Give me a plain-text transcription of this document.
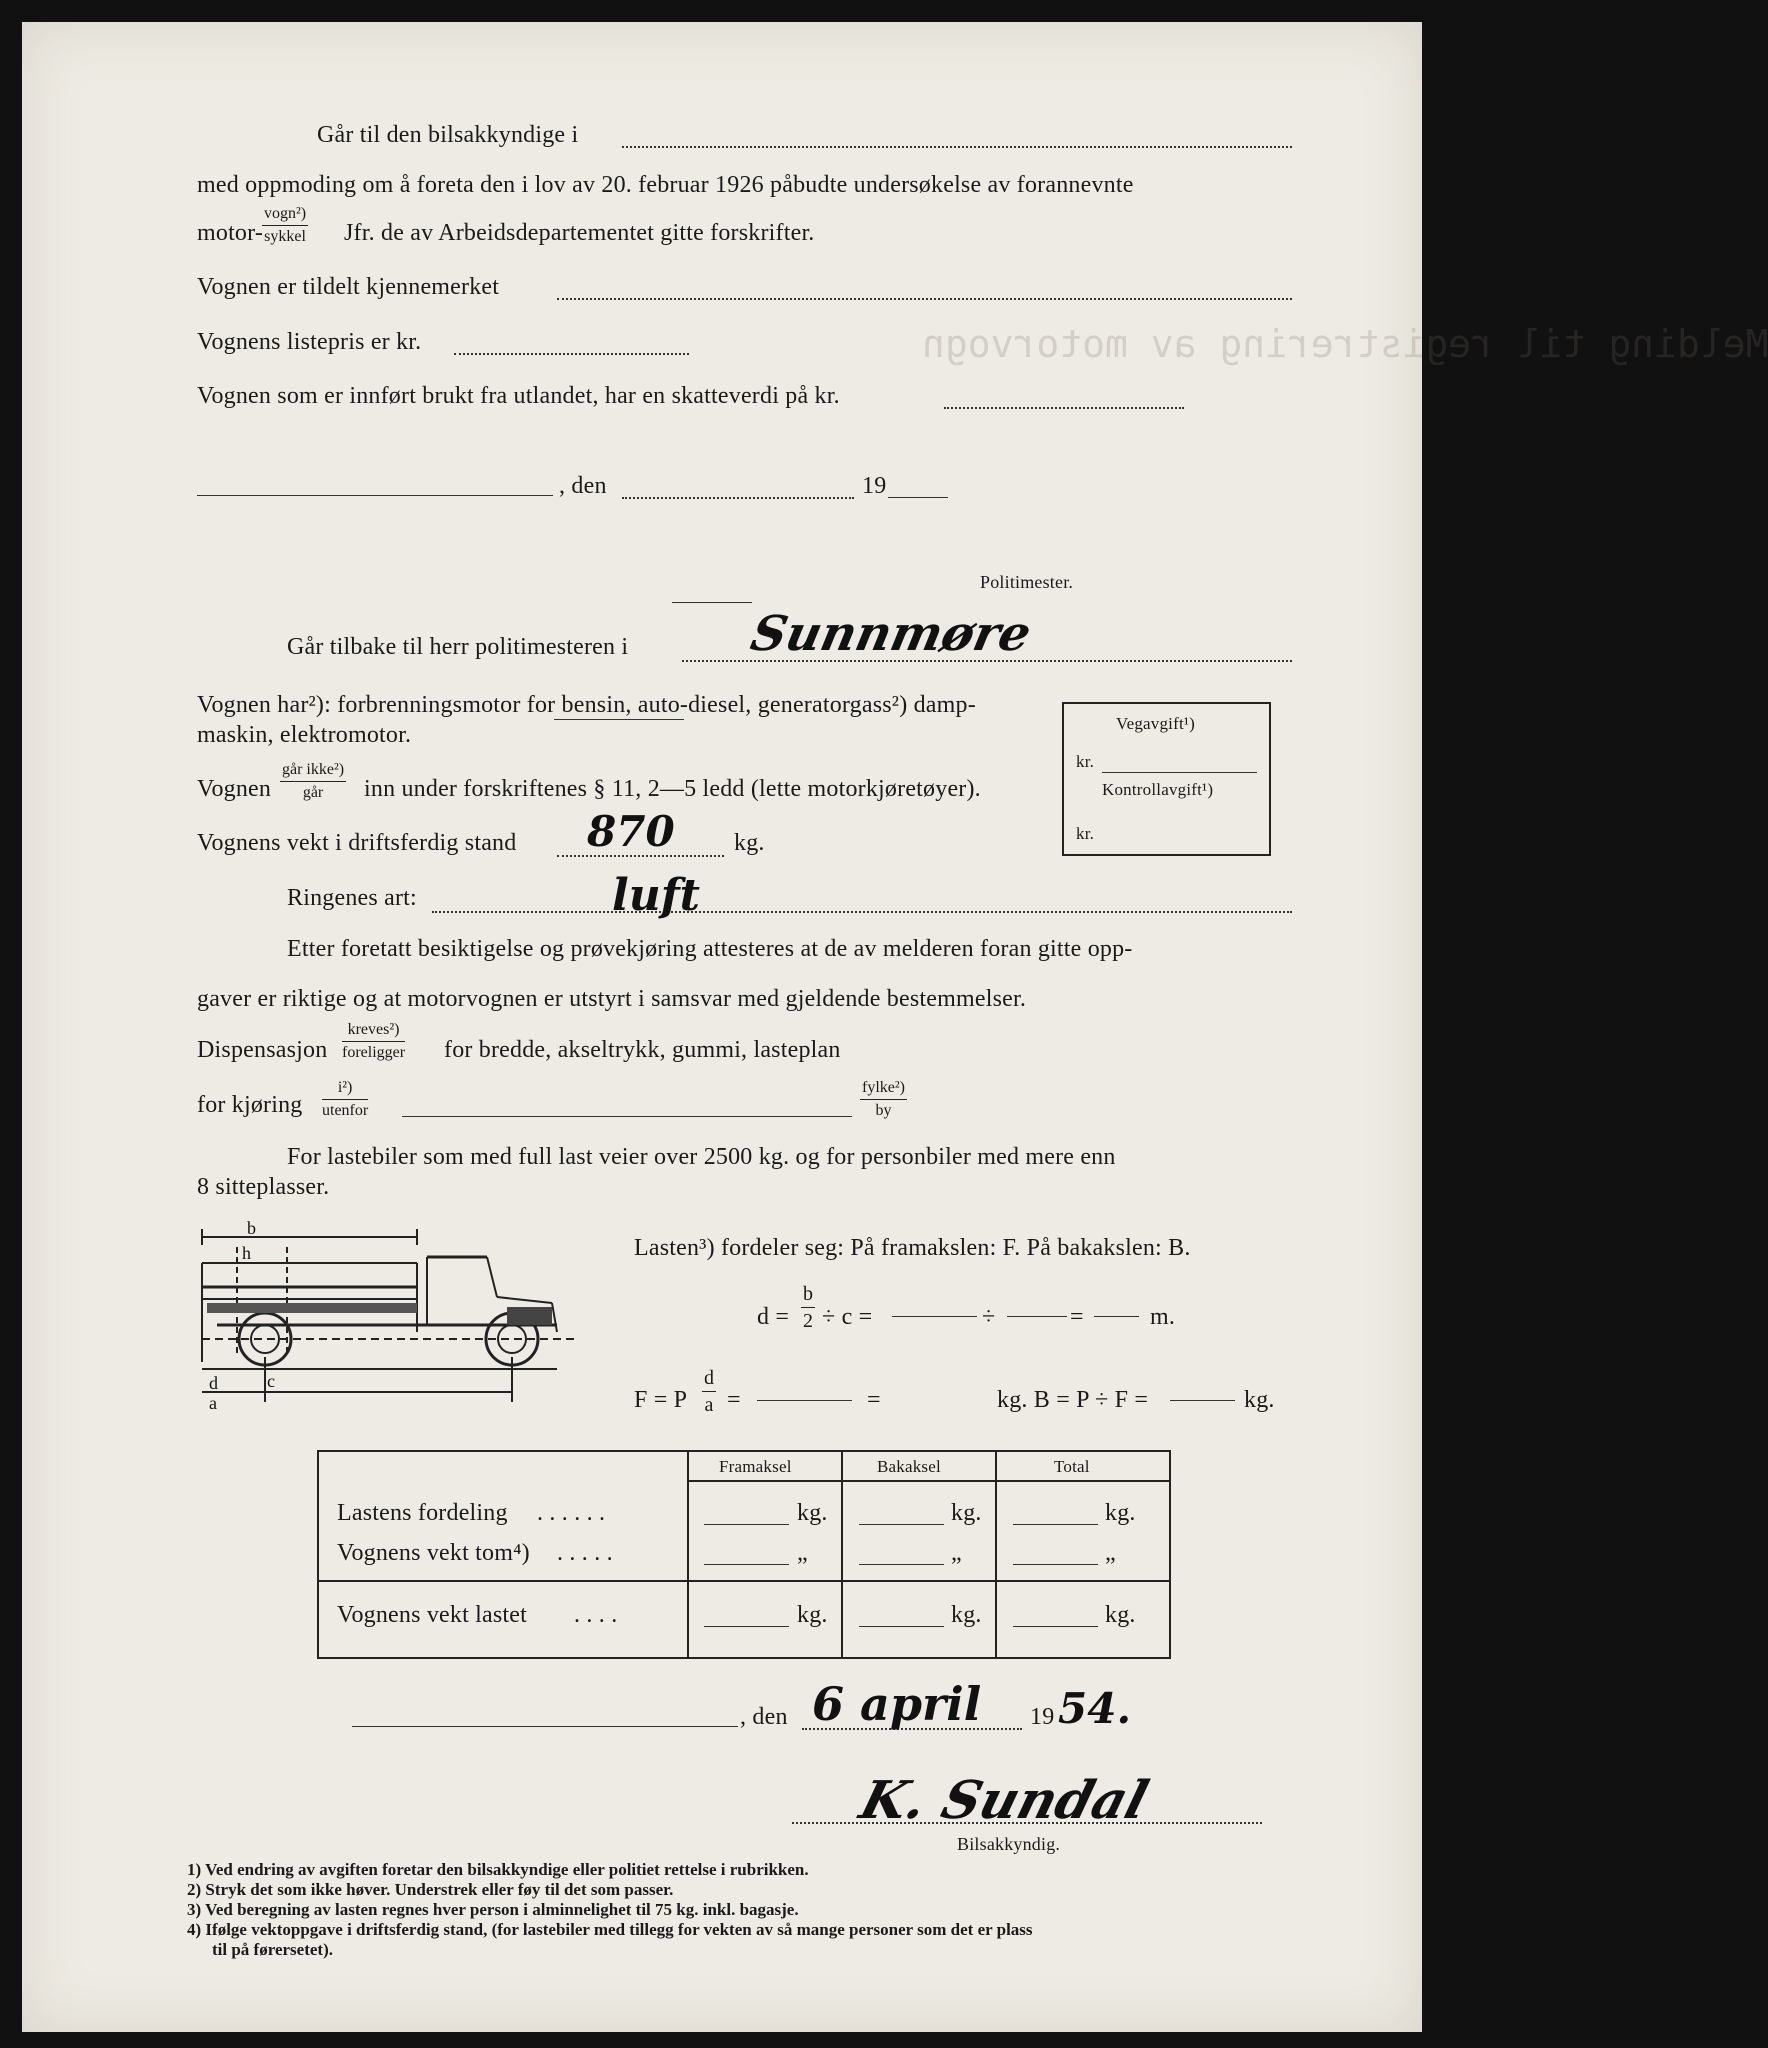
Melding til registrering av motorvogn
Går til den bilsakkyndige i
med oppmoding om å foreta den i lov av 20. februar 1926 påbudte undersøkelse av forannevnte
motor-
vogn²)
sykkel Jfr. de av Arbeidsdepartementet gitte forskrifter.
Vognen er tildelt kjennemerket
Vognens listepris er kr.
Vognen som er innført brukt fra utlandet, har en skatteverdi på kr.
, den	19
Politimester.
Går tilbake til herr politimesteren i Sunnmøre
Vognen har²): forbrenningsmotor for bensin, auto-diesel, generatorgass²) damp-
maskin, elektromotor.
Vognen
går ikke²)
går	inn under forskriftenes § 11, 2—5 ledd (lette motorkjøretøyer).
Vognens vekt i driftsferdig stand	kg.
870
Ringenes art:	luft
Vegavgift¹)
kr.
Kontrollavgift¹)
kr.
Etter foretatt besiktigelse og prøvekjøring attesteres at de av melderen foran gitte opp-
gaver er riktige og at motorvognen er utstyrt i samsvar med gjeldende bestemmelser.
Dispensasjon
kreves²)
foreligger for bredde, akseltrykk, gummi, lasteplan
for kjøring
i²)
utenfor
fylke²)
by
For lastebiler som med full last veier over 2500 kg. og for personbiler med mere enn
8 sitteplasser.
b
h
c
d
a
Lasten³) fordeler seg: På framakslen: F. På bakakslen: B.
$d = \frac{b}{2} \div c$ =	÷	=	m.
F = P $\frac{d}{a}$ =	=	kg. B = P ÷ F =	kg.
Framaksel	Bakaksel	Total
Lastens fordeling . . . . . .	kg.	kg.	kg.
Vognens vekt tom⁴) . . . . .	„	„	„
Vognens vekt lastet . . . .	kg.	kg.	kg.
, den 6 april 19 54.
K. Sundal
Bilsakkyndig.
1) Ved endring av avgiften foretar den bilsakkyndige eller politiet rettelse i rubrikken.
2) Stryk det som ikke høver. Understrek eller føy til det som passer.
3) Ved beregning av lasten regnes hver person i alminnelighet til 75 kg. inkl. bagasje.
4) Ifølge vektoppgave i driftsferdig stand, (for lastebiler med tillegg for vekten av så mange personer som det er plass
til på førersetet).
